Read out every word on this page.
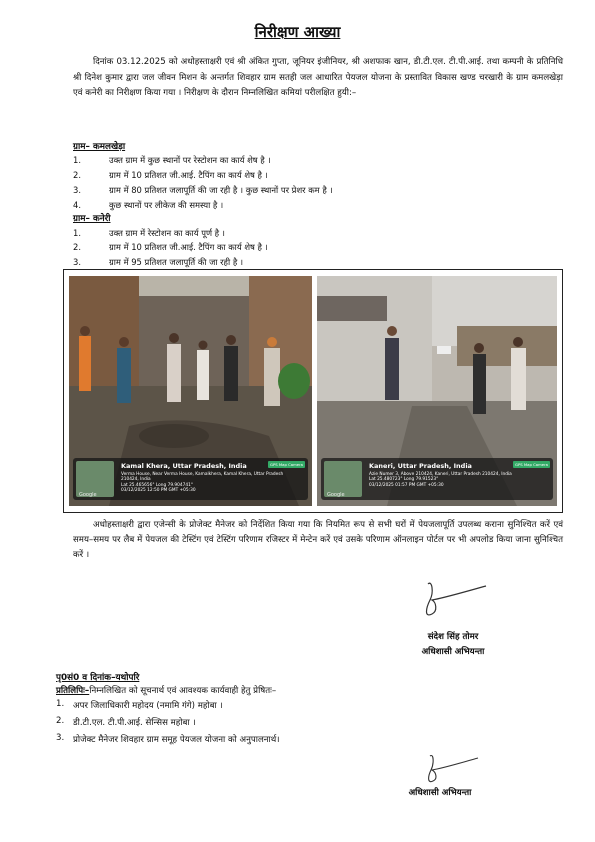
निरीक्षण आख्या
दिनांक 03.12.2025 को अधोहस्ताक्षरी एवं श्री अंकित गुप्ता, जूनियर इंजीनियर, श्री अशफाक खान, डी.टी.एल. टी.पी.आई. तथा कम्पनी के प्रतिनिधि श्री दिनेश कुमार द्वारा जल जीवन मिशन के अन्तर्गत शिवहार ग्राम सतही जल आधारित पेयजल योजना के प्रस्तावित विकास खण्ड चरखारी के ग्राम कमलखेड़ा एवं कनेरी का निरीक्षण किया गया । निरीक्षण के दौरान निम्नलिखित कमियां परीलक्षित हुयी:–
ग्राम– कमलखेड़ा
1.	उक्त ग्राम में कुछ स्थानों पर रेस्टोशन का कार्य शेष है ।
2.	ग्राम में 10 प्रतिशत जी.आई. टैपिंग का कार्य शेष है ।
3.	ग्राम में 80 प्रतिशत जलापूर्ति की जा रही है । कुछ स्थानों पर प्रेशर कम है ।
4.	कुछ स्थानों पर लीकेज की समस्या है ।
ग्राम– कनेरी
1.	उक्त ग्राम में रेस्टोशन का कार्य पूर्ण है ।
2.	ग्राम में 10 प्रतिशत जी.आई. टैपिंग का कार्य शेष है ।
3.	ग्राम में 95 प्रतिशत जलापूर्ति की जा रही है ।
GPS Map Camera
Kamal Khera, Uttar Pradesh, India
Verma House, Near Verma House, Kamalkhera, Kamal Khera, Uttar Pradesh 210424, India
Lat 25.465656° Long 79.904741°
03/12/2025 12:50 PM GMT +05:30
Google
GPS Map Camera
Kaneri, Uttar Pradesh, India
Azie Numer 3, Above 210424, Kaneri, Uttar Pradesh 210424, India
Lat 25.480723° Long 79.91523°
03/12/2025 01:57 PM GMT +05:30
Google
अधोहस्ताक्षरी द्वारा एजेन्सी के प्रोजेक्ट मैनेजर को निर्देशित किया गया कि नियमित रूप से सभी घरों में पेयजलापूर्ति उपलब्ध कराना सुनिश्चित करें एवं समय–समय पर लैब में पेयजल की टेस्टिंग एवं टेस्टिंग परिणाम रजिस्टर में मेन्टेन करें एवं उसके परिणाम ऑनलाइन पोर्टल पर भी अपलोड किया जाना सुनिश्चित करें ।
संदेश सिंह तोमर
अधिशासी अभियन्ता
पृ0सं0 व दिनांक–यथोपरि
प्रतिलिपिः–निम्नलिखित को सूचनार्थ एवं आवश्यक कार्यवाही हेतु प्रेषितः–
1. अपर जिलाधिकारी महोदय (नमामि गंगे) महोबा ।
2. डी.टी.एल. टी.पी.आई. सेन्सिस महोबा ।
3. प्रोजेक्ट मैनेजर शिवहार ग्राम समूह पेयजल योजना को अनुपालनार्थ।
अधिशासी अभियन्ता
